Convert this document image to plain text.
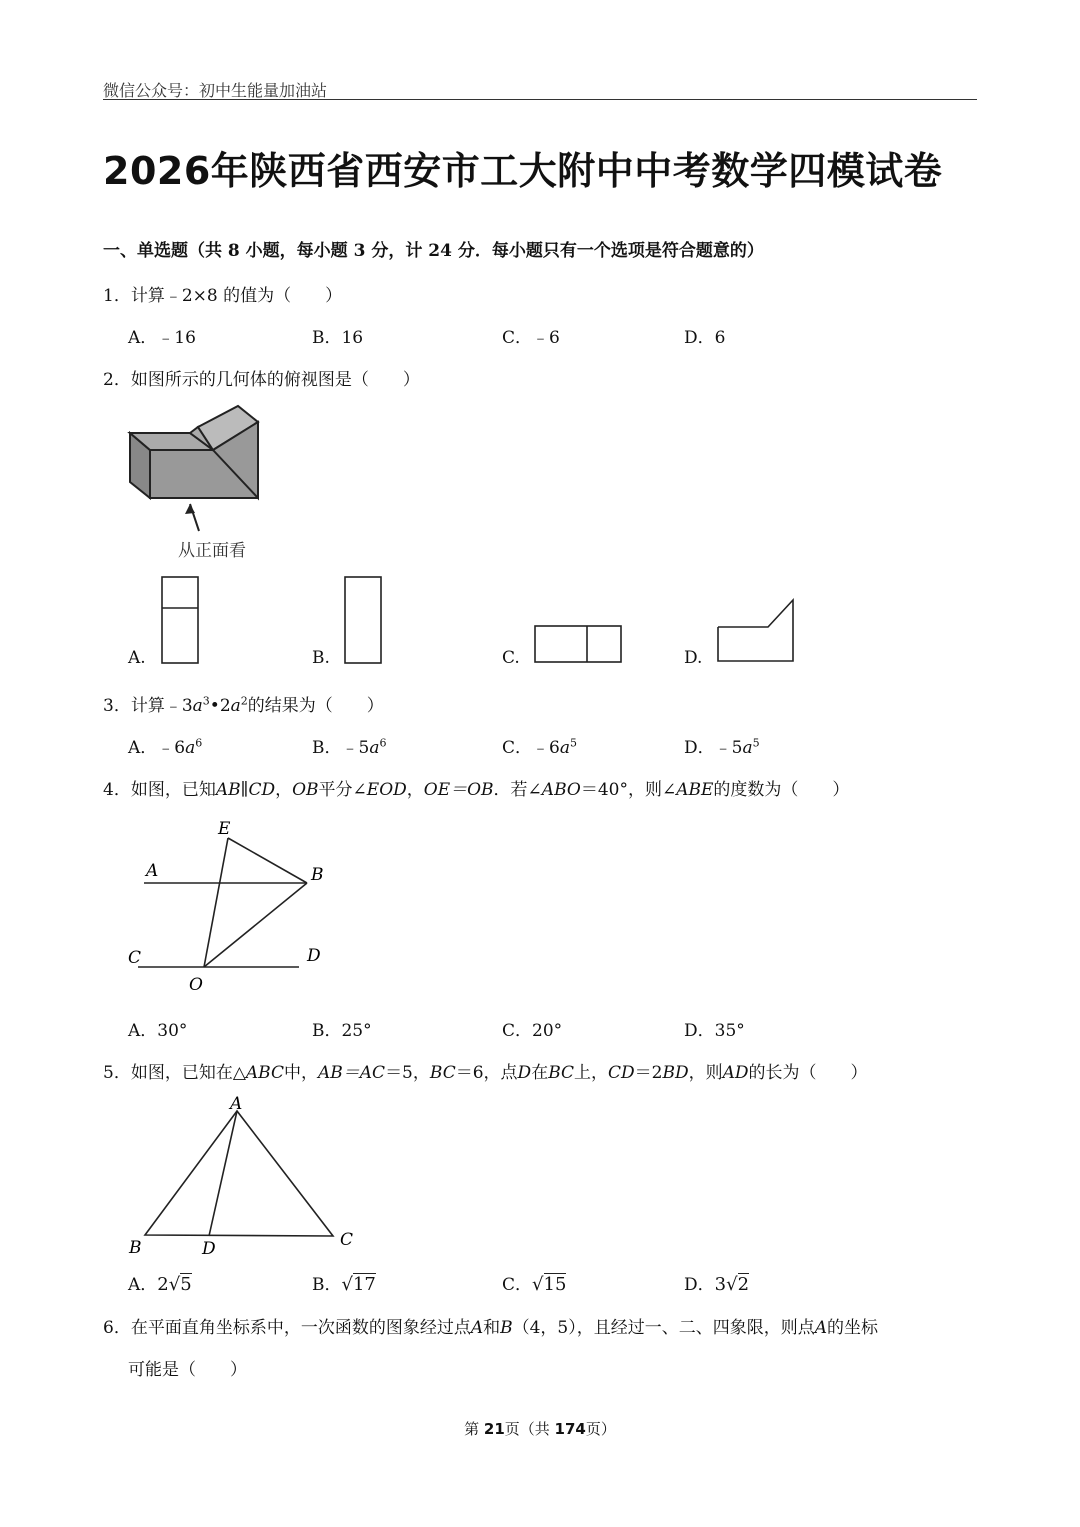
微信公众号：初中生能量加油站
2026年陕西省西安市工大附中中考数学四模试卷
一、单选题（共 8 小题，每小题 3 分，计 24 分．每小题只有一个选项是符合题意的）
1．计算﹣2×8 的值为（　　）
A．﹣16	B．16	C．﹣6	D．6
2．如图所示的几何体的俯视图是（　　）
从正面看
A.	B.	C.	D.
3．计算$﹣3a^3•2a^2$的结果为（　　）
A．$﹣6a^6$	B．$﹣5a^6$	C．$﹣6a^5$	D．$﹣5a^5$
4．如图，已知AB∥CD，OB平分∠EOD，OE＝OB．若∠ABO＝40°，则∠ABE的度数为（　　）
E
A	B
C	D
O
A．30°	B．25°	C．20°	D．35°
5．如图，已知在△ABC中，AB＝AC＝5，BC＝6，点D在BC上，CD＝2BD，则AD的长为（　　）
A
B	D	C
A．2√5	B．√17	C．√15	D．3√2
6．在平面直角坐标系中，一次函数的图象经过点A和B（4，5），且经过一、二、四象限，则点A的坐标
可能是（　　）
第 21页（共 174页）
